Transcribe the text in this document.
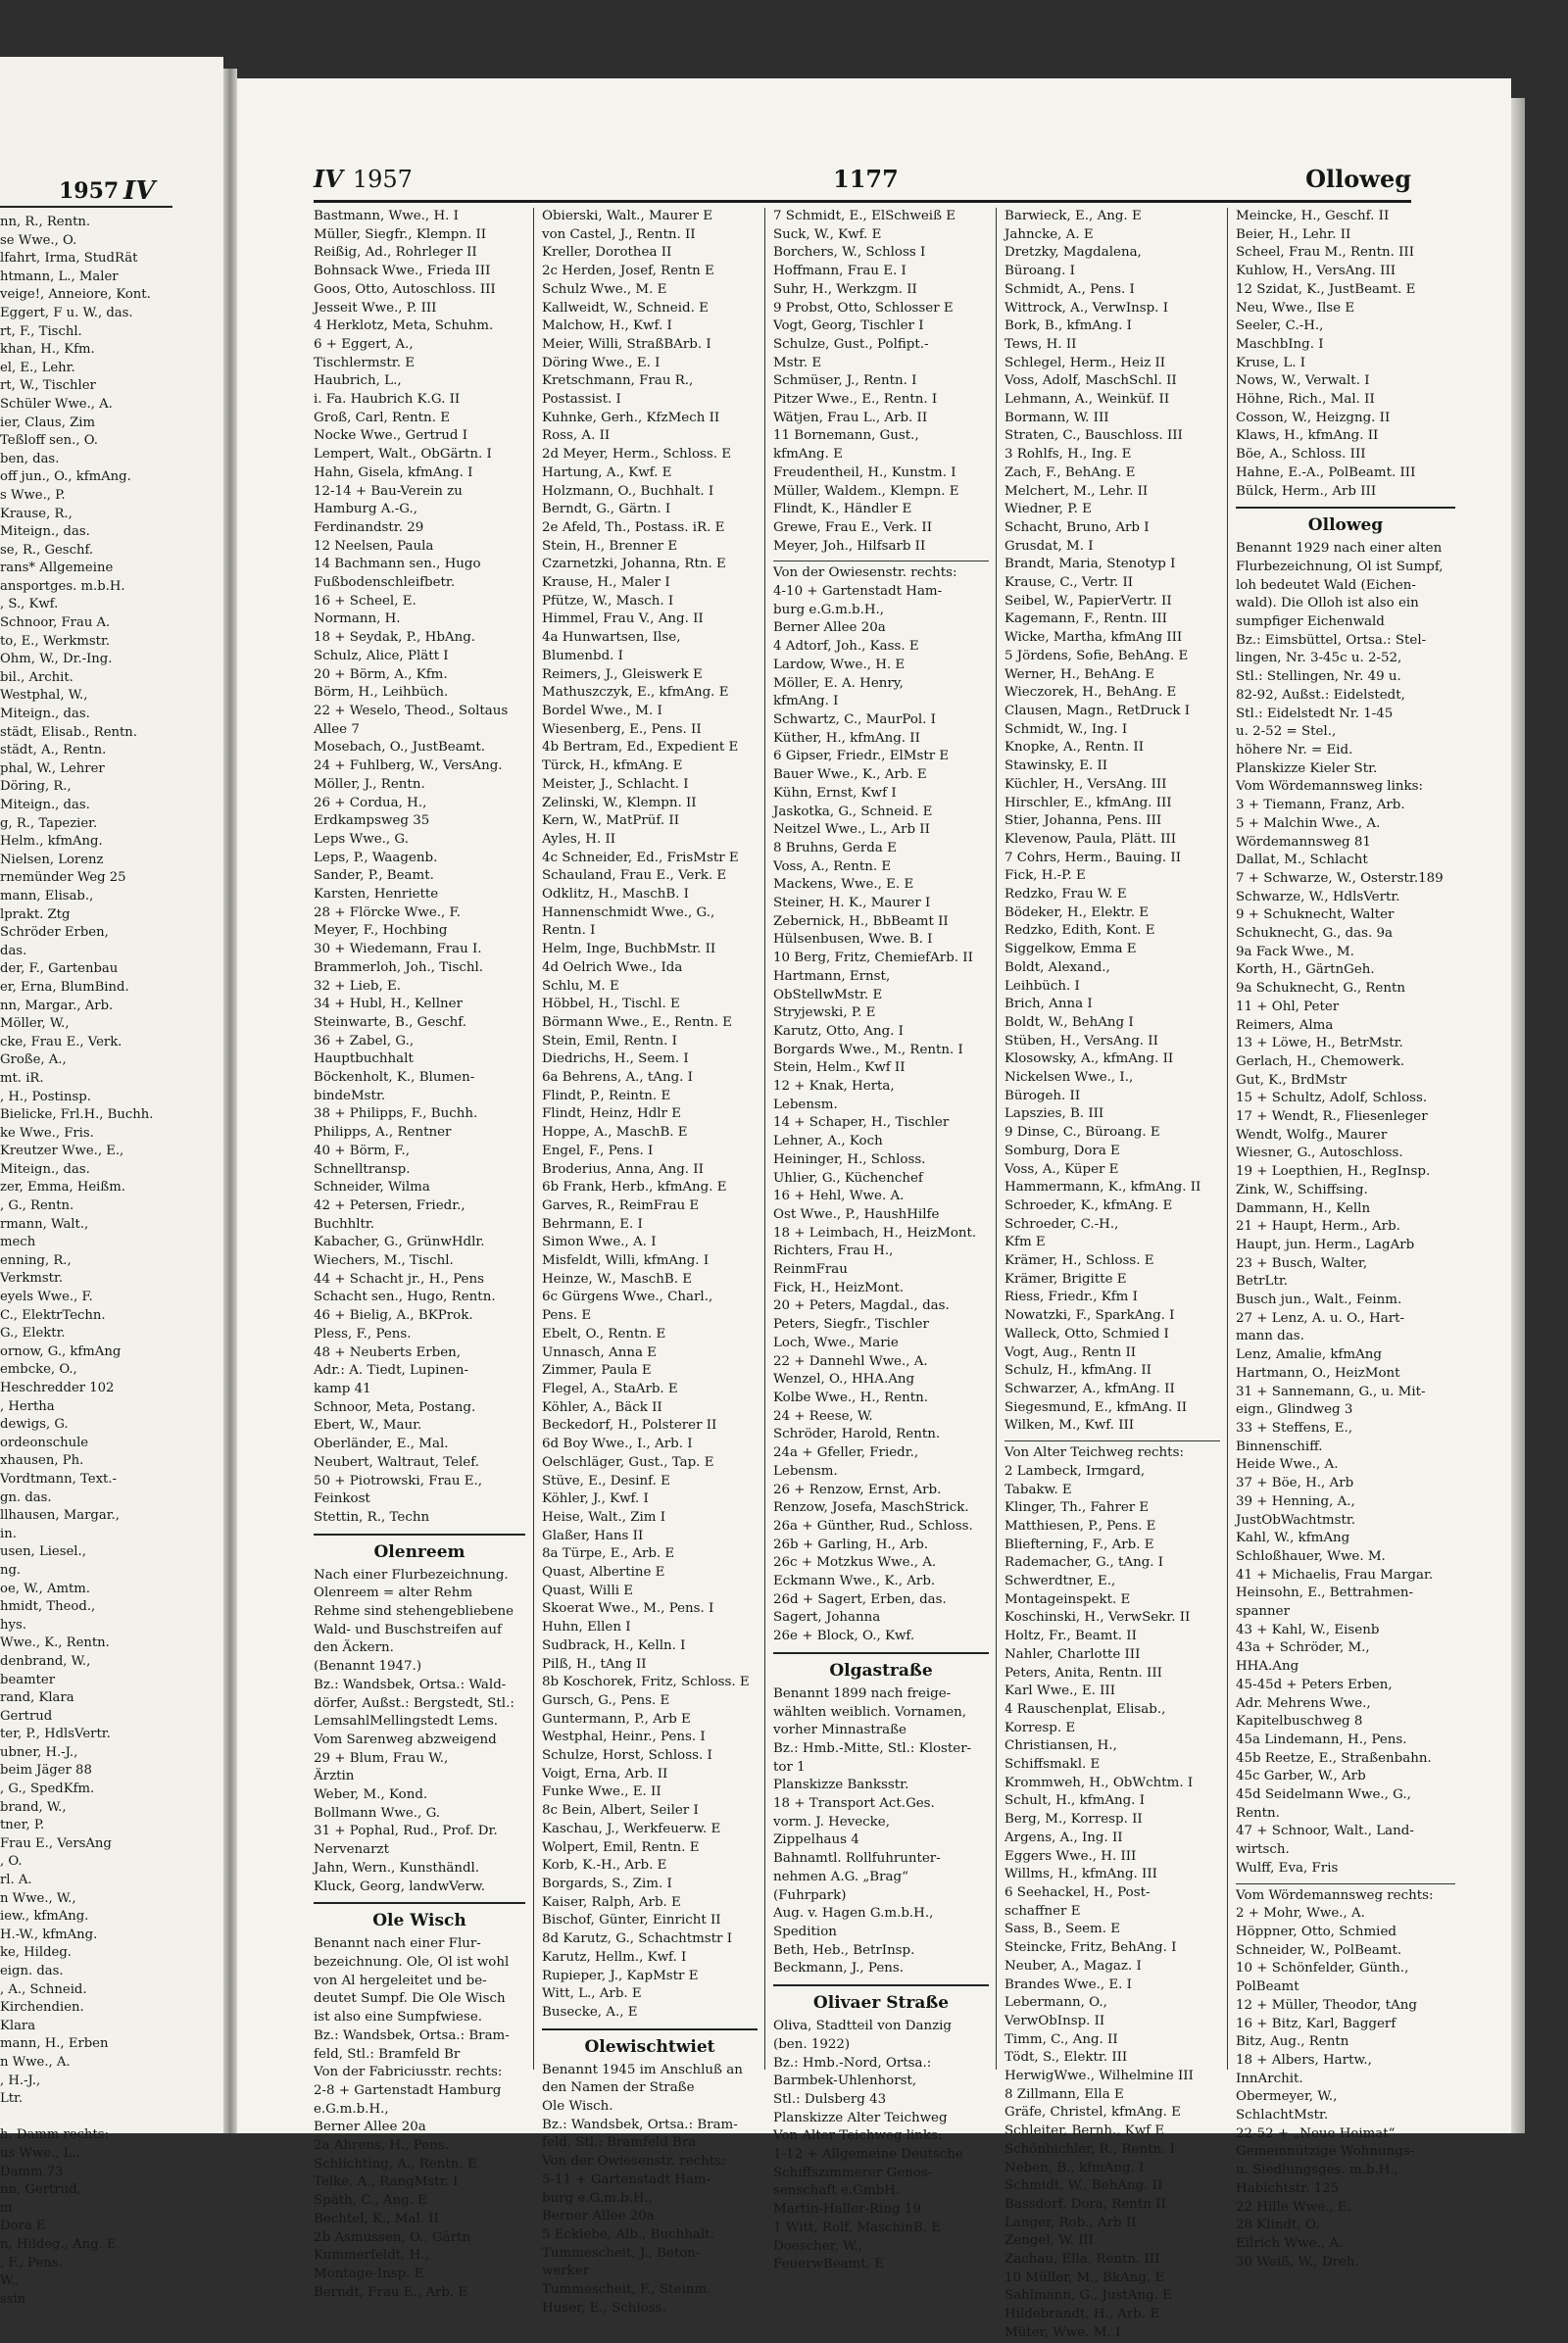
1957 IV
nn, R., Rentn.
se Wwe., O.
lfahrt, Irma, StudRät
htmann, L., Maler
veige!, Anneiore, Kont.
Eggert, F u. W., das.
rt, F., Tischl.
khan, H., Kfm.
el, E., Lehr.
rt, W., Tischler
Schüler Wwe., A.
ier, Claus, Zim
Teßloff sen., O.
ben, das.
off jun., O., kfmAng.
s Wwe., P.
Krause, R.,
Miteign., das.
se, R., Geschf.
rans* Allgemeine
ansportges. m.b.H.
, S., Kwf.
Schnoor, Frau A.
to, E., Werkmstr.
Ohm, W., Dr.-Ing.
bil., Archit.
Westphal, W.,
Miteign., das.
städt, Elisab., Rentn.
städt, A., Rentn.
phal, W., Lehrer
Döring, R.,
Miteign., das.
g, R., Tapezier.
Helm., kfmAng.
Nielsen, Lorenz
rnemünder Weg 25
mann, Elisab.,
lprakt. Ztg
Schröder Erben,
das.
der, F., Gartenbau
er, Erna, BlumBind.
nn, Margar., Arb.
Möller, W.,
cke, Frau E., Verk.
Große, A.,
mt. iR.
, H., Postinsp.
Bielicke, Frl.H., Buchh.
ke Wwe., Fris.
Kreutzer Wwe., E.,
Miteign., das.
zer, Emma, Heißm.
, G., Rentn.
rmann, Walt.,
mech
enning, R.,
Verkmstr.
eyels Wwe., F.
C., ElektrTechn.
G., Elektr.
ornow, G., kfmAng
embcke, O.,
Heschredder 102
, Hertha
dewigs, G.
ordeonschule
xhausen, Ph.
Vordtmann, Text.-
gn. das.
llhausen, Margar.,
in.
usen, Liesel.,
ng.
oe, W., Amtm.
hmidt, Theod.,
hys.
Wwe., K., Rentn.
denbrand, W.,
beamter
rand, Klara
Gertrud
ter, P., HdlsVertr.
ubner, H.-J.,
beim Jäger 88
, G., SpedKfm.
brand, W.,
tner, P.
Frau E., VersAng
, O.
rl. A.
n Wwe., W.,
iew., kfmAng.
H.-W., kfmAng.
ke, Hildeg.
eign. das.
, A., Schneid.
Kirchendien.
Klara
mann, H., Erben
n Wwe., A.
, H.-J.,
Ltr.
h. Damm rechts:
us Wwe., L.,
Damm 73
nn, Gertrud,
m
Dora E
n, Hildeg., Ang. E
, F., Pens.
W.,
ssin
IV 1957	1177	Olloweg
Bastmann, Wwe., H. I
Müller, Siegfr., Klempn. II
Reißig, Ad., Rohrleger II
Bohnsack Wwe., Frieda III
Goos, Otto, Autoschloss. III
Jesseit Wwe., P. III
4 Herklotz, Meta, Schuhm.
6 + Eggert, A.,
Tischlermstr. E
Haubrich, L.,
i. Fa. Haubrich K.G. II
Groß, Carl, Rentn. E
Nocke Wwe., Gertrud I
Lempert, Walt., ObGärtn. I
Hahn, Gisela, kfmAng. I
12-14 + Bau-Verein zu
Hamburg A.-G.,
Ferdinandstr. 29
12 Neelsen, Paula
14 Bachmann sen., Hugo
Fußbodenschleifbetr.
16 + Scheel, E.
Normann, H.
18 + Seydak, P., HbAng.
Schulz, Alice, Plätt I
20 + Börm, A., Kfm.
Börm, H., Leihbüch.
22 + Weselo, Theod., Soltaus
Allee 7
Mosebach, O., JustBeamt.
24 + Fuhlberg, W., VersAng.
Möller, J., Rentn.
26 + Cordua, H.,
Erdkampsweg 35
Leps Wwe., G.
Leps, P., Waagenb.
Sander, P., Beamt.
Karsten, Henriette
28 + Flörcke Wwe., F.
Meyer, F., Hochbing
30 + Wiedemann, Frau I.
Brammerloh, Joh., Tischl.
32 + Lieb, E.
34 + Hubl, H., Kellner
Steinwarte, B., Geschf.
36 + Zabel, G.,
Hauptbuchhalt
Böckenholt, K., Blumen-
bindeMstr.
38 + Philipps, F., Buchh.
Philipps, A., Rentner
40 + Börm, F.,
Schnelltransp.
Schneider, Wilma
42 + Petersen, Friedr.,
Buchhltr.
Kabacher, G., GrünwHdlr.
Wiechers, M., Tischl.
44 + Schacht jr., H., Pens
Schacht sen., Hugo, Rentn.
46 + Bielig, A., BKProk.
Pless, F., Pens.
48 + Neuberts Erben,
Adr.: A. Tiedt, Lupinen-
kamp 41
Schnoor, Meta, Postang.
Ebert, W., Maur.
Oberländer, E., Mal.
Neubert, Waltraut, Telef.
50 + Piotrowski, Frau E.,
Feinkost
Stettin, R., Techn
Olenreem
Nach einer Flurbezeichnung.
Olenreem = alter Rehm
Rehme sind stehengebliebene
Wald- und Buschstreifen auf
den Äckern.
(Benannt 1947.)
Bz.: Wandsbek, Ortsa.: Wald-
dörfer, Außst.: Bergstedt, Stl.:
LemsahlMellingstedt Lems.
Vom Sarenweg abzweigend
29 + Blum, Frau W.,
Ärztin
Weber, M., Kond.
Bollmann Wwe., G.
31 + Pophal, Rud., Prof. Dr.
Nervenarzt
Jahn, Wern., Kunsthändl.
Kluck, Georg, landwVerw.
Ole Wisch
Benannt nach einer Flur-
bezeichnung. Ole, Ol ist wohl
von Al hergeleitet und be-
deutet Sumpf. Die Ole Wisch
ist also eine Sumpfwiese.
Bz.: Wandsbek, Ortsa.: Bram-
feld, Stl.: Bramfeld Br
Von der Fabriciusstr. rechts:
2-8 + Gartenstadt Hamburg
e.G.m.b.H.,
Berner Allee 20a
2a Ahrens, H., Pens.
Schlichting, A., Rentn. E
Telke, A., RangMstr. I
Späth, C., Ang. E
Bechtel, K., Mal. II
2b Asmussen, O., Gärtn
Kummerfeldt, H.,
Montage-Insp. E
Berndt, Frau E., Arb. E
Obierski, Walt., Maurer E
von Castel, J., Rentn. II
Kreller, Dorothea II
2c Herden, Josef, Rentn E
Schulz Wwe., M. E
Kallweidt, W., Schneid. E
Malchow, H., Kwf. I
Meier, Willi, StraßBArb. I
Döring Wwe., E. I
Kretschmann, Frau R.,
Postassist. I
Kuhnke, Gerh., KfzMech II
Ross, A. II
2d Meyer, Herm., Schloss. E
Hartung, A., Kwf. E
Holzmann, O., Buchhalt. I
Berndt, G., Gärtn. I
2e Afeld, Th., Postass. iR. E
Stein, H., Brenner E
Czarnetzki, Johanna, Rtn. E
Krause, H., Maler I
Pfütze, W., Masch. I
Himmel, Frau V., Ang. II
4a Hunwartsen, Ilse,
Blumenbd. I
Reimers, J., Gleiswerk E
Mathuszczyk, E., kfmAng. E
Bordel Wwe., M. I
Wiesenberg, E., Pens. II
4b Bertram, Ed., Expedient E
Türck, H., kfmAng. E
Meister, J., Schlacht. I
Zelinski, W., Klempn. II
Kern, W., MatPrüf. II
Ayles, H. II
4c Schneider, Ed., FrisMstr E
Schauland, Frau E., Verk. E
Odklitz, H., MaschB. I
Hannenschmidt Wwe., G.,
Rentn. I
Helm, Inge, BuchbMstr. II
4d Oelrich Wwe., Ida
Schlu, M. E
Höbbel, H., Tischl. E
Börmann Wwe., E., Rentn. E
Stein, Emil, Rentn. I
Diedrichs, H., Seem. I
6a Behrens, A., tAng. I
Flindt, P., Reintn. E
Flindt, Heinz, Hdlr E
Hoppe, A., MaschB. E
Engel, F., Pens. I
Broderius, Anna, Ang. II
6b Frank, Herb., kfmAng. E
Garves, R., ReimFrau E
Behrmann, E. I
Simon Wwe., A. I
Misfeldt, Willi, kfmAng. I
Heinze, W., MaschB. E
6c Gürgens Wwe., Charl.,
Pens. E
Ebelt, O., Rentn. E
Unnasch, Anna E
Zimmer, Paula E
Flegel, A., StaArb. E
Köhler, A., Bäck II
Beckedorf, H., Polsterer II
6d Boy Wwe., I., Arb. I
Oelschläger, Gust., Tap. E
Stüve, E., Desinf. E
Köhler, J., Kwf. I
Heise, Walt., Zim I
Glaßer, Hans II
8a Türpe, E., Arb. E
Quast, Albertine E
Quast, Willi E
Skoerat Wwe., M., Pens. I
Huhn, Ellen I
Sudbrack, H., Kelln. I
Pilß, H., tAng II
8b Koschorek, Fritz, Schloss. E
Gursch, G., Pens. E
Guntermann, P., Arb E
Westphal, Heinr., Pens. I
Schulze, Horst, Schloss. I
Voigt, Erna, Arb. II
Funke Wwe., E. II
8c Bein, Albert, Seiler I
Kaschau, J., Werkfeuerw. E
Wolpert, Emil, Rentn. E
Korb, K.-H., Arb. E
Borgards, S., Zim. I
Kaiser, Ralph, Arb. E
Bischof, Günter, Einricht II
8d Karutz, G., Schachtmstr I
Karutz, Hellm., Kwf. I
Rupieper, J., KapMstr E
Witt, L., Arb. E
Busecke, A., E
Olewischtwiet
Benannt 1945 im Anschluß an
den Namen der Straße
Ole Wisch.
Bz.: Wandsbek, Ortsa.: Bram-
feld, Stl.: Bramfeld Bra
Von der Owiesenstr. rechts:
5-11 + Gartenstadt Ham-
burg e.G.m.b.H.,
Berner Allee 20a
5 Ecklebe, Alb., Buchhalt.
Tummescheit, J., Beton-
werker
Tummescheit, F., Steinm.
Huser, E., Schloss.
7 Schmidt, E., ElSchweiß E
Suck, W., Kwf. E
Borchers, W., Schloss I
Hoffmann, Frau E. I
Suhr, H., Werkzgm. II
9 Probst, Otto, Schlosser E
Vogt, Georg, Tischler I
Schulze, Gust., Polfipt.-
Mstr. E
Schmüser, J., Rentn. I
Pitzer Wwe., E., Rentn. I
Wätjen, Frau L., Arb. II
11 Bornemann, Gust.,
kfmAng. E
Freudentheil, H., Kunstm. I
Müller, Waldem., Klempn. E
Flindt, K., Händler E
Grewe, Frau E., Verk. II
Meyer, Joh., Hilfsarb II
Von der Owiesenstr. rechts:
4-10 + Gartenstadt Ham-
burg e.G.m.b.H.,
Berner Allee 20a
4 Adtorf, Joh., Kass. E
Lardow, Wwe., H. E
Möller, E. A. Henry,
kfmAng. I
Schwartz, C., MaurPol. I
Küther, H., kfmAng. II
6 Gipser, Friedr., ElMstr E
Bauer Wwe., K., Arb. E
Kühn, Ernst, Kwf I
Jaskotka, G., Schneid. E
Neitzel Wwe., L., Arb II
8 Bruhns, Gerda E
Voss, A., Rentn. E
Mackens, Wwe., E. E
Steiner, H. K., Maurer I
Zebernick, H., BbBeamt II
Hülsenbusen, Wwe. B. I
10 Berg, Fritz, ChemiefArb. II
Hartmann, Ernst,
ObStellwMstr. E
Stryjewski, P. E
Karutz, Otto, Ang. I
Borgards Wwe., M., Rentn. I
Stein, Helm., Kwf II
12 + Knak, Herta,
Lebensm.
14 + Schaper, H., Tischler
Lehner, A., Koch
Heininger, H., Schloss.
Uhlier, G., Küchenchef
16 + Hehl, Wwe. A.
Ost Wwe., P., HaushHilfe
18 + Leimbach, H., HeizMont.
Richters, Frau H.,
ReinmFrau
Fick, H., HeizMont.
20 + Peters, Magdal., das.
Peters, Siegfr., Tischler
Loch, Wwe., Marie
22 + Dannehl Wwe., A.
Wenzel, O., HHA.Ang
Kolbe Wwe., H., Rentn.
24 + Reese, W.
Schröder, Harold, Rentn.
24a + Gfeller, Friedr.,
Lebensm.
26 + Renzow, Ernst, Arb.
Renzow, Josefa, MaschStrick.
26a + Günther, Rud., Schloss.
26b + Garling, H., Arb.
26c + Motzkus Wwe., A.
Eckmann Wwe., K., Arb.
26d + Sagert, Erben, das.
Sagert, Johanna
26e + Block, O., Kwf.
Olgastraße
Benannt 1899 nach freige-
wählten weiblich. Vornamen,
vorher Minnastraße
Bz.: Hmb.-Mitte, Stl.: Kloster-
tor 1
Planskizze Banksstr.
18 + Transport Act.Ges.
vorm. J. Hevecke,
Zippelhaus 4
Bahnamtl. Rollfuhrunter-
nehmen A.G. „Brag“
(Fuhrpark)
Aug. v. Hagen G.m.b.H.,
Spedition
Beth, Heb., BetrInsp.
Beckmann, J., Pens.
Olivaer Straße
Oliva, Stadtteil von Danzig
(ben. 1922)
Bz.: Hmb.-Nord, Ortsa.:
Barmbek-Uhlenhorst,
Stl.: Dulsberg 43
Planskizze Alter Teichweg
Von Alter Teichweg links:
1-12 + Allgemeine Deutsche
Schiffszimmerer Genos-
senschaft e.GmbH.
Martin-Haller-Ring 19
1 Witt, Rolf, MaschinB. E
Doescher, W.,
FeuerwBeamt. E
Barwieck, E., Ang. E
Jahncke, A. E
Dretzky, Magdalena,
Büroang. I
Schmidt, A., Pens. I
Wittrock, A., VerwInsp. I
Bork, B., kfmAng. I
Tews, H. II
Schlegel, Herm., Heiz II
Voss, Adolf, MaschSchl. II
Lehmann, A., Weinküf. II
Bormann, W. III
Straten, C., Bauschloss. III
3 Rohlfs, H., Ing. E
Zach, F., BehAng. E
Melchert, M., Lehr. II
Wiedner, P. E
Schacht, Bruno, Arb I
Grusdat, M. I
Brandt, Maria, Stenotyp I
Krause, C., Vertr. II
Seibel, W., PapierVertr. II
Kagemann, F., Rentn. III
Wicke, Martha, kfmAng III
5 Jördens, Sofie, BehAng. E
Werner, H., BehAng. E
Wieczorek, H., BehAng. E
Clausen, Magn., RetDruck I
Schmidt, W., Ing. I
Knopke, A., Rentn. II
Stawinsky, E. II
Küchler, H., VersAng. III
Hirschler, E., kfmAng. III
Stier, Johanna, Pens. III
Klevenow, Paula, Plätt. III
7 Cohrs, Herm., Bauing. II
Fick, H.-P. E
Redzko, Frau W. E
Bödeker, H., Elektr. E
Redzko, Edith, Kont. E
Siggelkow, Emma E
Boldt, Alexand.,
Leihbüch. I
Brich, Anna I
Boldt, W., BehAng I
Stüben, H., VersAng. II
Klosowsky, A., kfmAng. II
Nickelsen Wwe., I.,
Bürogeh. II
Lapszies, B. III
9 Dinse, C., Büroang. E
Somburg, Dora E
Voss, A., Küper E
Hammermann, K., kfmAng. II
Schroeder, K., kfmAng. E
Schroeder, C.-H.,
Kfm E
Krämer, H., Schloss. E
Krämer, Brigitte E
Riess, Friedr., Kfm I
Nowatzki, F., SparkAng. I
Walleck, Otto, Schmied I
Vogt, Aug., Rentn II
Schulz, H., kfmAng. II
Schwarzer, A., kfmAng. II
Siegesmund, E., kfmAng. II
Wilken, M., Kwf. III
Von Alter Teichweg rechts:
2 Lambeck, Irmgard,
Tabakw. E
Klinger, Th., Fahrer E
Matthiesen, P., Pens. E
Bliefterning, F., Arb. E
Rademacher, G., tAng. I
Schwerdtner, E.,
Montageinspekt. E
Koschinski, H., VerwSekr. II
Holtz, Fr., Beamt. II
Nahler, Charlotte III
Peters, Anita, Rentn. III
Karl Wwe., E. III
4 Rauschenplat, Elisab.,
Korresp. E
Christiansen, H.,
Schiffsmakl. E
Krommweh, H., ObWchtm. I
Schult, H., kfmAng. I
Berg, M., Korresp. II
Argens, A., Ing. II
Eggers Wwe., H. III
Willms, H., kfmAng. III
6 Seehackel, H., Post-
schaffner E
Sass, B., Seem. E
Steincke, Fritz, BehAng. I
Neuber, A., Magaz. I
Brandes Wwe., E. I
Lebermann, O.,
VerwObInsp. II
Timm, C., Ang. II
Tödt, S., Elektr. III
HerwigWwe., Wilhelmine III
8 Zillmann, Ella E
Gräfe, Christel, kfmAng. E
Schleiter, Bernh., Kwf E
Schönbichler, R., Rentn. I
Neben, B., kfmAng. I
Schmidt, W., BehAng. II
Bassdorf, Dora, Rentn II
Langer, Rob., Arb II
Zengel, W. III
Zachau, Ella, Rentn. III
10 Müller, M., BkAng. E
Sahlmann, G., JustAng. E
Hildebrandt, H., Arb. E
Müter, Wwe. M. I
Meincke, H., Geschf. II
Beier, H., Lehr. II
Scheel, Frau M., Rentn. III
Kuhlow, H., VersAng. III
12 Szidat, K., JustBeamt. E
Neu, Wwe., Ilse E
Seeler, C.-H.,
MaschbIng. I
Kruse, L. I
Nows, W., Verwalt. I
Höhne, Rich., Mal. II
Cosson, W., Heizgng. II
Klaws, H., kfmAng. II
Böe, A., Schloss. III
Hahne, E.-A., PolBeamt. III
Bülck, Herm., Arb III
Olloweg
Benannt 1929 nach einer alten
Flurbezeichnung, Ol ist Sumpf,
loh bedeutet Wald (Eichen-
wald). Die Olloh ist also ein
sumpfiger Eichenwald
Bz.: Eimsbüttel, Ortsa.: Stel-
lingen, Nr. 3-45c u. 2-52,
Stl.: Stellingen, Nr. 49 u.
82-92, Außst.: Eidelstedt,
Stl.: Eidelstedt Nr. 1-45
u. 2-52 = Stel.,
höhere Nr. = Eid.
Planskizze Kieler Str.
Vom Wördemannsweg links:
3 + Tiemann, Franz, Arb.
5 + Malchin Wwe., A.
Wördemannsweg 81
Dallat, M., Schlacht
7 + Schwarze, W., Osterstr.189
Schwarze, W., HdlsVertr.
9 + Schuknecht, Walter
Schuknecht, G., das. 9a
9a Fack Wwe., M.
Korth, H., GärtnGeh.
9a Schuknecht, G., Rentn
11 + Ohl, Peter
Reimers, Alma
13 + Löwe, H., BetrMstr.
Gerlach, H., Chemowerk.
Gut, K., BrdMstr
15 + Schultz, Adolf, Schloss.
17 + Wendt, R., Fliesenleger
Wendt, Wolfg., Maurer
Wiesner, G., Autoschloss.
19 + Loepthien, H., RegInsp.
Zink, W., Schiffsing.
Dammann, H., Kelln
21 + Haupt, Herm., Arb.
Haupt, jun. Herm., LagArb
23 + Busch, Walter,
BetrLtr.
Busch jun., Walt., Feinm.
27 + Lenz, A. u. O., Hart-
mann das.
Lenz, Amalie, kfmAng
Hartmann, O., HeizMont
31 + Sannemann, G., u. Mit-
eign., Glindweg 3
33 + Steffens, E.,
Binnenschiff.
Heide Wwe., A.
37 + Böe, H., Arb
39 + Henning, A.,
JustObWachtmstr.
Kahl, W., kfmAng
Schloßhauer, Wwe. M.
41 + Michaelis, Frau Margar.
Heinsohn, E., Bettrahmen-
spanner
43 + Kahl, W., Eisenb
43a + Schröder, M.,
HHA.Ang
45-45d + Peters Erben,
Adr. Mehrens Wwe.,
Kapitelbuschweg 8
45a Lindemann, H., Pens.
45b Reetze, E., Straßenbahn.
45c Garber, W., Arb
45d Seidelmann Wwe., G.,
Rentn.
47 + Schnoor, Walt., Land-
wirtsch.
Wulff, Eva, Fris
Vom Wördemannsweg rechts:
2 + Mohr, Wwe., A.
Höppner, Otto, Schmied
Schneider, W., PolBeamt.
10 + Schönfelder, Günth.,
PolBeamt
12 + Müller, Theodor, tAng
16 + Bitz, Karl, Baggerf
Bitz, Aug., Rentn
18 + Albers, Hartw.,
InnArchit.
Obermeyer, W.,
SchlachtMstr.
22-52 + „Neue Heimat“
Gemeinnützige Wohnungs-
u. Siedlungsges. m.b.H.,
Habichtstr. 125
22 Hille Wwe., E.
28 Klindt, O.
Eilrich Wwe., A.
30 Weiß, W., Dreh.
